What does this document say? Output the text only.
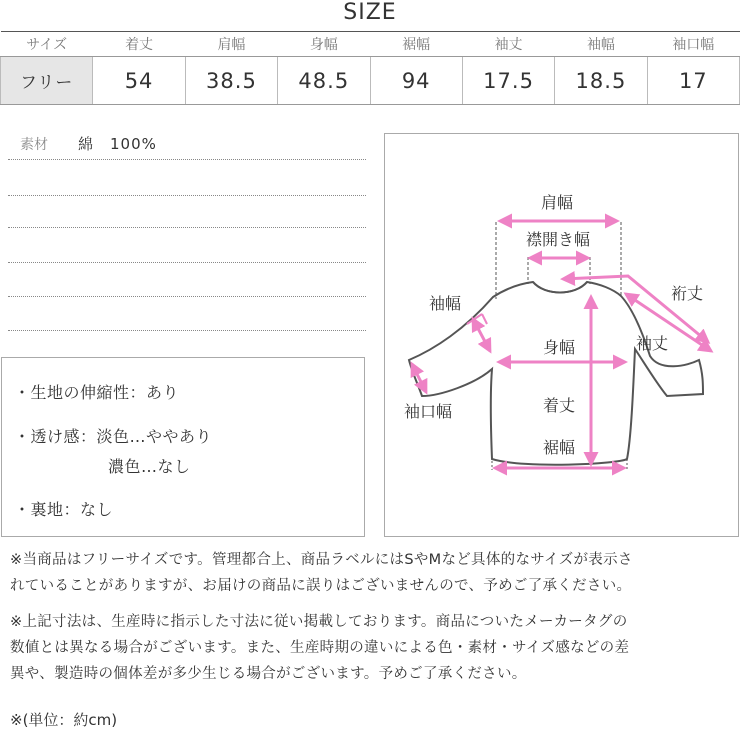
SIZE
サイズ	着丈	肩幅	身幅	裾幅	袖丈	袖幅	袖口幅
フリー	54	38.5	48.5	94	17.5	18.5	17
素材 綿　100%
・生地の伸縮性：あり
・透け感：淡色…ややあり
濃色…なし
・裏地：なし
肩幅
襟開き幅
裄丈
袖幅
袖丈
身幅
袖口幅	着丈
裾幅
※当商品はフリーサイズです。管理都合上、商品ラベルにはSやMなど具体的なサイズが表示さ
れていることがありますが、お届けの商品に誤りはございませんので、予めご了承ください。
※上記寸法は、生産時に指示した寸法に従い掲載しております。商品についたメーカータグの
数値とは異なる場合がございます。また、生産時期の違いによる色・素材・サイズ感などの差
異や、製造時の個体差が多少生じる場合がございます。予めご了承ください。
※(単位：約cm)
